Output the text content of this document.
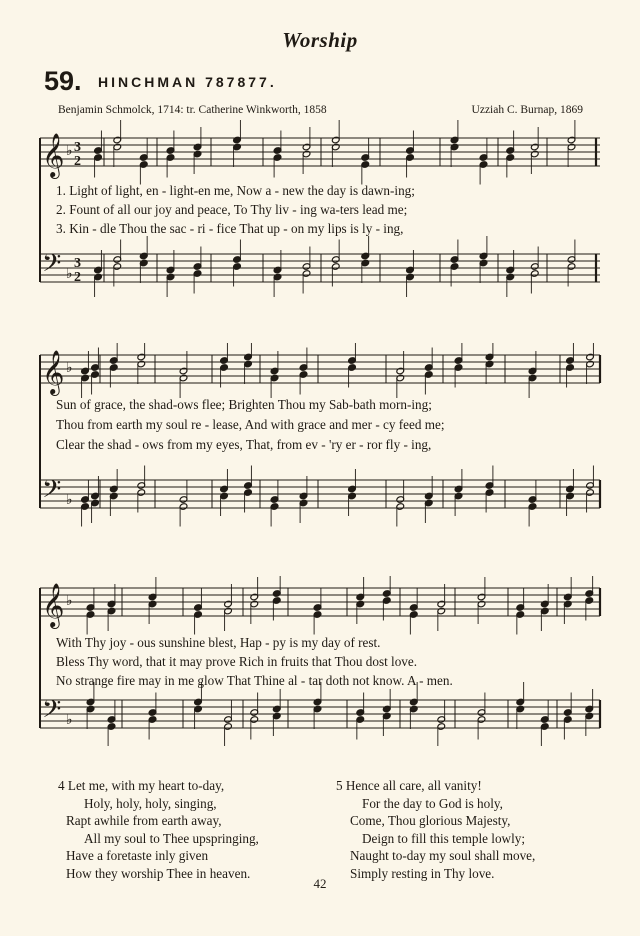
Worship
59. HINCHMAN 787877.
Benjamin Schmolck, 1714: tr. Catherine Winkworth, 1858	Uzziah C. Burnap, 1869
𝄞 ♭ 3
2
𝄢 ♭
3
2
1. Light of light, en - light-en me, Now a - new the day is dawn-ing;
2. Fount of all our joy and peace, To Thy liv - ing wa-ters lead me;
3. Kin - dle Thou the sac - ri - fice That up - on my lips is ly - ing,
𝄞 ♭
𝄢 ♭
Sun of grace, the shad-ows flee; Brighten Thou my Sab-bath morn-ing;
Thou from earth my soul re - lease, And with grace and mer - cy feed me;
Clear the shad - ows from my eyes, That, from ev - 'ry er - ror fly - ing,
𝄞 ♭
𝄢 ♭
With Thy joy - ous sunshine blest, Hap - py is my day of rest.
Bless Thy word, that it may prove Rich in fruits that Thou dost love.
No strange fire may in me glow That Thine al - tar doth not know. A - men.
4 Let me, with my heart to-day,
Holy, holy, holy, singing,
Rapt awhile from earth away,
All my soul to Thee upspringing,
Have a foretaste inly given
How they worship Thee in heaven.
5 Hence all care, all vanity!
For the day to God is holy,
Come, Thou glorious Majesty,
Deign to fill this temple lowly;
Naught to-day my soul shall move,
Simply resting in Thy love.
42
